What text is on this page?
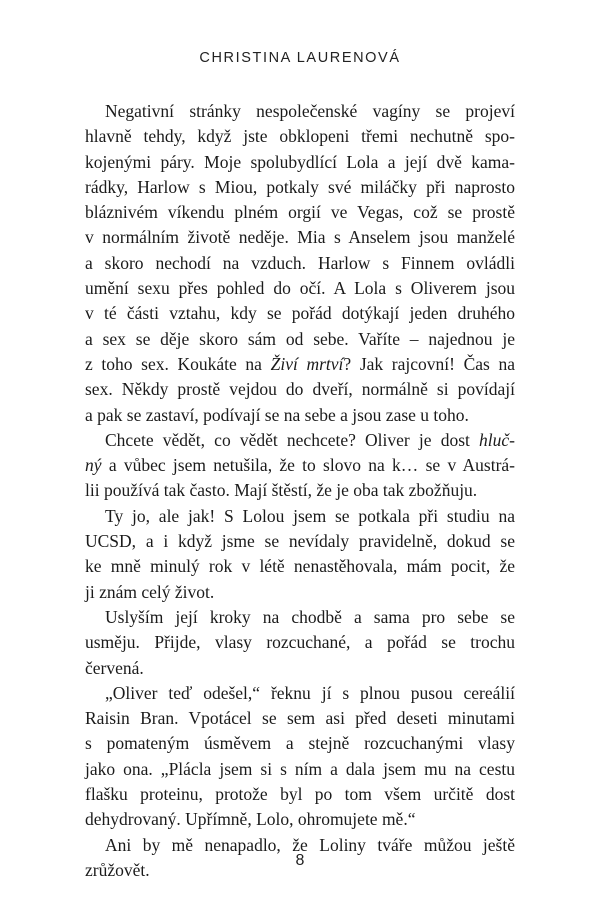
CHRISTINA LAURENOVÁ

Negativní stránky nespolečenské vagíny se projeví
hlavně tehdy, když jste obklopeni třemi nechutně spo-
kojenými páry. Moje spolubydlící Lola a její dvě kama-
rádky, Harlow s Miou, potkaly své miláčky při naprosto
bláznivém víkendu plném orgií ve Vegas, což se prostě
v normálním životě neděje. Mia s Anselem jsou manželé
a skoro nechodí na vzduch. Harlow s Finnem ovládli
umění sexu přes pohled do očí. A Lola s Oliverem jsou
v té části vztahu, kdy se pořád dotýkají jeden druhého
a sex se děje skoro sám od sebe. Vaříte – najednou je
z toho sex. Koukáte na Živí mrtví? Jak rajcovní! Čas na
sex. Někdy prostě vejdou do dveří, normálně si povídají
a pak se zastaví, podívají se na sebe a jsou zase u toho.

Chcete vědět, co vědět nechcete? Oliver je dost hluč-
ný a vůbec jsem netušila, že to slovo na k… se v Austrá-
lii používá tak často. Mají štěstí, že je oba tak zbožňuju.

Ty jo, ale jak! S Lolou jsem se potkala při studiu na
UCSD, a i když jsme se nevídaly pravidelně, dokud se
ke mně minulý rok v létě nenastěhovala, mám pocit, že
ji znám celý život.

Uslyším její kroky na chodbě a sama pro sebe se
usměju. Přijde, vlasy rozcuchané, a pořád se trochu
červená.

„Oliver teď odešel,“ řeknu jí s plnou pusou cereálií
Raisin Bran. Vpotácel se sem asi před deseti minutami
s pomateným úsměvem a stejně rozcuchanými vlasy
jako ona. „Plácla jsem si s ním a dala jsem mu na cestu
flašku proteinu, protože byl po tom všem určitě dost
dehydrovaný. Upřímně, Lolo, ohromujete mě.“

Ani by mě nenapadlo, že Loliny tváře můžou ještě
zrůžovět.	8
